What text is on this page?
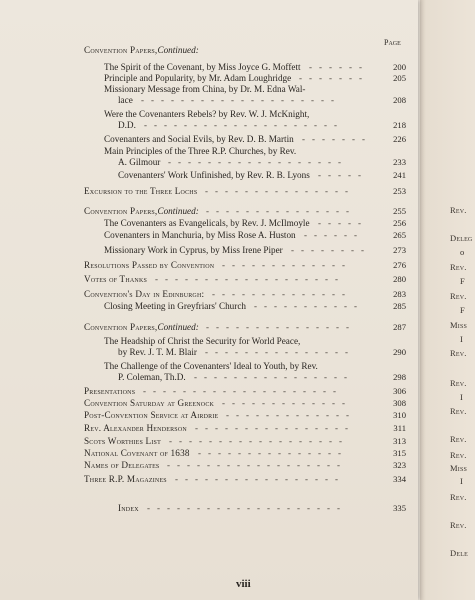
Rev.
Deleg
o
Rev.
F
Rev.
F
Miss
I
Rev.
Rev.
I
Rev.
Rev.
Rev.
Miss
I
Rev.
Rev.
Dele
Page
Convention Papers,Continued:
The Spirit of the Covenant, by Miss Joyce G. Moffett	200
------
Principle and Popularity, by Mr. Adam Loughridge	205
-------
Missionary Message from China, by Dr. M. Edna Wal-
lace	208
--------------------
Were the Covenanters Rebels? by Rev. W. J. McKnight,
D.D.	218
--------------------
Covenanters and Social Evils, by Rev. D. B. Martin	226
-------
Main Principles of the Three R.P. Churches, by Rev.
A. Gilmour	233
------------------
Covenanters' Work Unfinished, by Rev. R. B. Lyons	241
-----
Excursion to the Three Lochs	253
---------------
Convention Papers,Continued:	255
---------------
The Covenanters as Evangelicals, by Rev. J. McIlmoyle	256
-----
Covenanters in Manchuria, by Miss Rose A. Huston	265
------
Missionary Work in Cyprus, by Miss Irene Piper	273
--------
Resolutions Passed by Convention	276
-------------
Votes of Thanks	280
-------------------
Convention's Day in Edinburgh:	283
--------------
Closing Meeting in Greyfriars' Church	285
-----------
Convention Papers,Continued:	287
---------------
The Headship of Christ the Security for World Peace,
by Rev. J. T. M. Blair	290
---------------
The Challenge of the Covenanters' Ideal to Youth, by Rev.
P. Coleman, Th.D.	298
----------------
Presentations	306
--------------------
Convention Saturday at Greenock	308
-------------
Post-Convention Service at Airdrie	310
-------------
Rev. Alexander Henderson	311
----------------
Scots Worthies List	313
------------------
National Covenant of 1638	315
---------------
Names of Delegates	323
------------------
Three R.P. Magazines	334
-----------------
Index	335
--------------------
viii
